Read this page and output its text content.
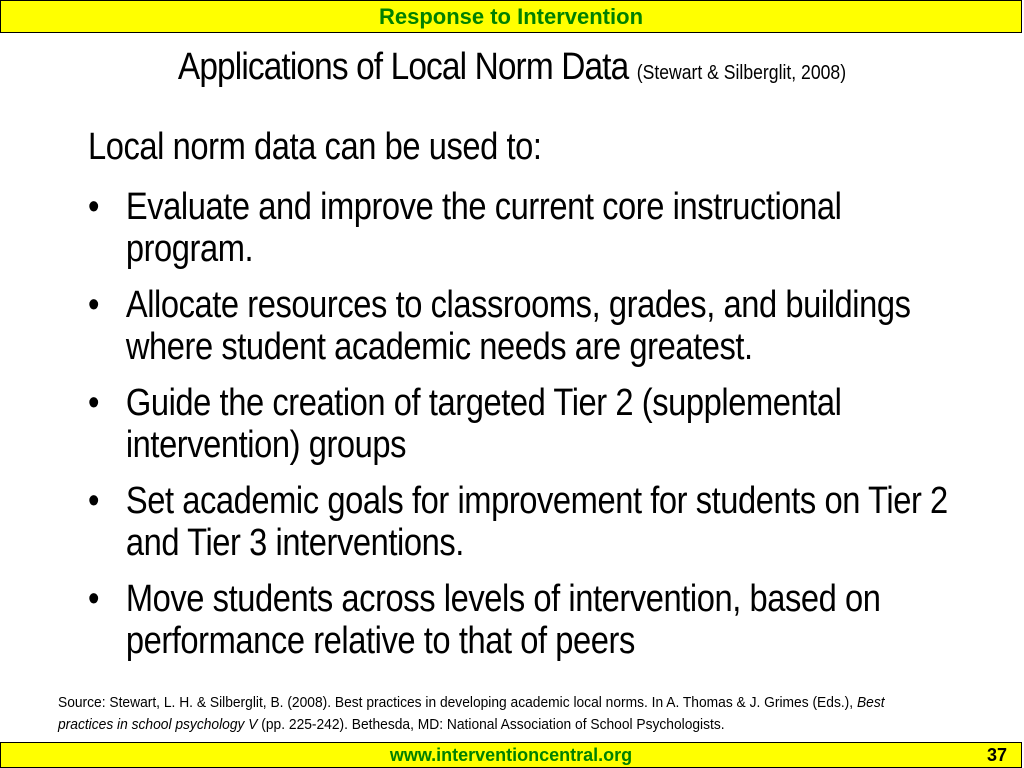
Response to Intervention
Applications of Local Norm Data (Stewart & Silberglit, 2008)
Local norm data can be used to:
• Evaluate and improve the current core instructional program.
• Allocate resources to classrooms, grades, and buildings where student academic needs are greatest.
• Guide the creation of targeted Tier 2 (supplemental intervention) groups
• Set academic goals for improvement for students on Tier 2 and Tier 3 interventions.
• Move students across levels of intervention, based on performance relative to that of peers
Source: Stewart, L. H. & Silberglit, B. (2008). Best practices in developing academic local norms. In A. Thomas & J. Grimes (Eds.), Best practices in school psychology V (pp. 225-242). Bethesda, MD: National Association of School Psychologists.
www.interventioncentral.org	37
